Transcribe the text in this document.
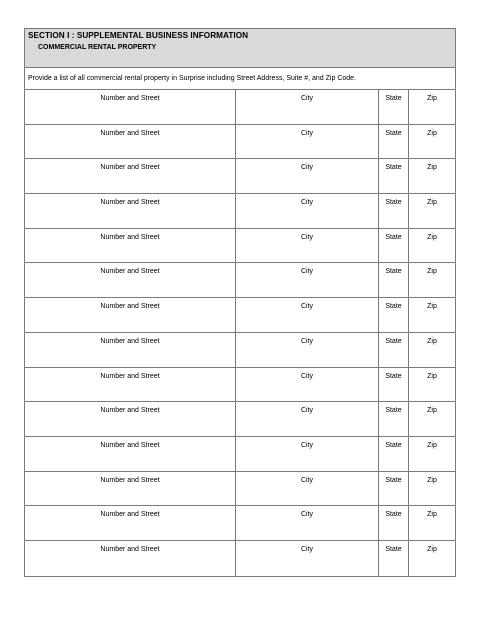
SECTION I : SUPPLEMENTAL BUSINESS INFORMATION
COMMERCIAL RENTAL PROPERTY
Provide a list of all commercial rental property in Surprise including Street Address, Suite #, and Zip Code.
Number and Street	City	State	Zip
Number and Street	City	State	Zip
Number and Street	City	State	Zip
Number and Street	City	State	Zip
Number and Street	City	State	Zip
Number and Street	City	State	Zip
Number and Street	City	State	Zip
Number and Street	City	State	Zip
Number and Street	City	State	Zip
Number and Street	City	State	Zip
Number and Street	City	State	Zip
Number and Street	City	State	Zip
Number and Street	City	State	Zip
Number and Street	City	State	Zip
